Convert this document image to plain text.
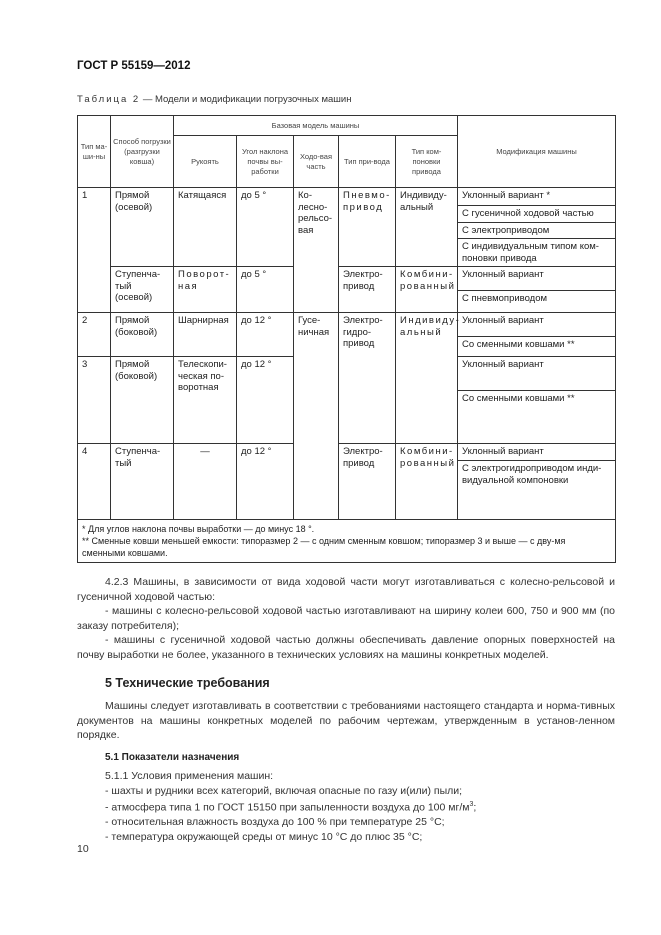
ГОСТ Р 55159—2012
Таблица 2 — Модели и модификации погрузочных машин
Тип ма-ши-ны	Способ погрузки (разгрузки ковша)	Базовая модель машины					Модификация машины
		Рукоять	Угол наклона почвы вы-работки	Ходо-вая часть	Тип при-вода	Тип ком-поновки привода	
1	Прямой (осевой)	Катящаяся	до 5 °	Ко-лесно-рельсо-вая	Пневмо-привод	Индивиду-альный	Уклонный вариант *
							С гусеничной ходовой частью
							С электроприводом
							С индивидуальным типом ком-поновки привода
	Ступенча-тый (осевой)	Поворот-ная	до 5 °		Электро-привод	Комбини-рованный	Уклонный вариант
							С пневмоприводом
2	Прямой (боковой)	Шарнирная	до 12 °	Гусе-ничная	Электро-гидро-привод	Индивиду-альный	Уклонный вариант
							Со сменными ковшами **
3	Прямой (боковой)	Телескопи-ческая по-воротная	до 12 °				Уклонный вариант
							Со сменными ковшами **
4	Ступенча-тый	—	до 12 °		Электро-привод	Комбини-рованный	Уклонный вариант
							С электрогидроприводом инди-видуальной компоновки

* Для углов наклона почвы выработки — до минус 18 °.
** Сменные ковши меньшей емкости: типоразмер 2 — с одним сменным ковшом; типоразмер 3 и выше — с дву-мя сменными ковшами.							

4.2.3 Машины, в зависимости от вида ходовой части могут изготавливаться с колесно-рельсовой и гусеничной ходовой частью:

- машины с колесно-рельсовой ходовой частью изготавливают на ширину колеи 600, 750 и 900 мм (по заказу потребителя);

- машины с гусеничной ходовой частью должны обеспечивать давление опорных поверхностей на почву выработки не более, указанного в технических условиях на машины конкретных моделей.

5 Технические требования

Машины следует изготавливать в соответствии с требованиями настоящего стандарта и норма-тивных документов на машины конкретных моделей по рабочим чертежам, утвержденным в установ-ленном порядке.

5.1 Показатели назначения

5.1.1 Условия применения машин:

- шахты и рудники всех категорий, включая опасные по газу и(или) пыли;

- атмосфера типа 1 по ГОСТ 15150 при запыленности воздуха до 100 $мг/м^3$;

- относительная влажность воздуха до 100 % при температуре 25 °C;

- температура окружающей среды от минус 10 °C до плюс 35 °C;

10
